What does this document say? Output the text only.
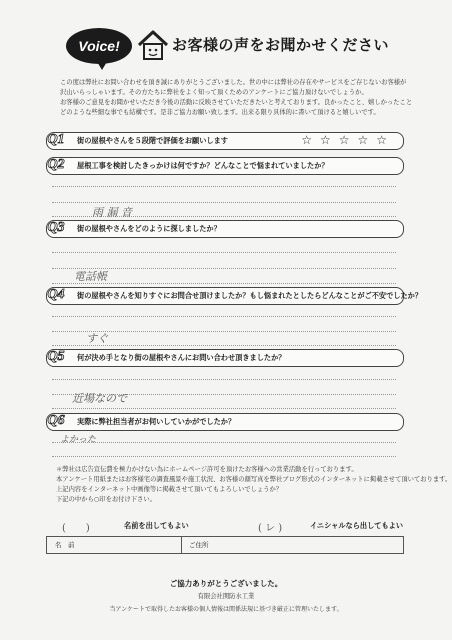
Voice!	お客様の声をお聞かせください

この度は弊社にお問い合わせを頂き誠にありがとうございました。世の中には弊社の存在やサービスをご存じないお客様が

沢山いらっしゃいます。その方たちに弊社をよく知って頂くためのアンケートにご協力頂けないでしょうか。

お客様のご意見をお聞かせいただき今後の活動に反映させていただきたいと考えております。良かったこと、嬉しかったこと

どのような些細な事でも結構です。是非ご協力お願い致します。出来る限り具体的に書いて頂けると嬉しいです。

Q1	街の屋根やさんを５段階で評価をお願いします	☆☆☆☆☆
Q2	屋根工事を検討したきっかけは何ですか？どんなことで悩まれていましたか？
雨 漏 音
Q3	街の屋根やさんをどのように探しましたか？
電話帳
Q4	街の屋根やさんを知りすぐにお問合せ頂けましたか？もし悩まれたとしたらどんなことがご不安でしたか？
すぐ
Q5	何が決め手となり街の屋根やさんにお問い合わせ頂きましたか？
近場なので
Q6	実際に弊社担当者がお伺いしていかがでしたか？
よかった

＊弊社は広告宣伝費を極力かけない為にホームページ許可を頂けたお客様への営業活動を行っております。

本アンケート用紙またはお客様宅の調査風景や施工状況、お客様の顔写真を弊社ブログ形式のインターネットに掲載させて頂いております。

上記内容をインターネット中画像等に掲載させて頂いてもよろしいでしょうか？

下記の中から○印をお付け下さい。

(　　)	名前を出してもよい	( レ )	イニシャルなら出してもよい
名　前	ご住所
ご協力ありがとうございました。
有限会社関防水工業
当アンケートで取得したお客様の個人情報は関係法規に基づき厳正に管理いたします。
